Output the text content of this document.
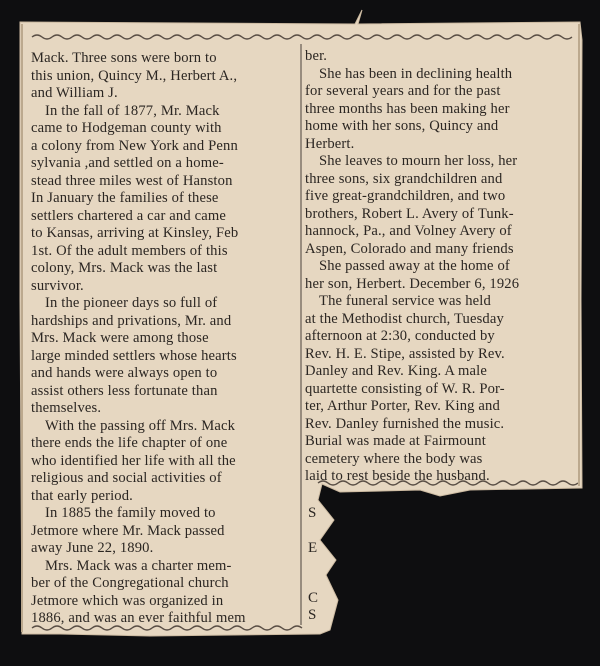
Mack. Three sons were born to
this union, Quincy M., Herbert A.,
and William J.
In the fall of 1877, Mr. Mack
came to Hodgeman county with
a colony from New York and Penn
sylvania ,and settled on a home-
stead three miles west of Hanston
In January the families of these
settlers chartered a car and came
to Kansas, arriving at Kinsley, Feb
1st. Of the adult members of this
colony, Mrs. Mack was the last
survivor.
In the pioneer days so full of
hardships and privations, Mr. and
Mrs. Mack were among those
large minded settlers whose hearts
and hands were always open to
assist others less fortunate than
themselves.
With the passing off Mrs. Mack
there ends the life chapter of one
who identified her life with all the
religious and social activities of
that early period.
In 1885 the family moved to
Jetmore where Mr. Mack passed
away June 22, 1890.
Mrs. Mack was a charter mem-
ber of the Congregational church
Jetmore which was organized in
1886, and was an ever faithful mem
ber.
She has been in declining health
for several years and for the past
three months has been making her
home with her sons, Quincy and
Herbert.
She leaves to mourn her loss, her
three sons, six grandchildren and
five great-grandchildren, and two
brothers, Robert L. Avery of Tunk-
hannock, Pa., and Volney Avery of
Aspen, Colorado and many friends
She passed away at the home of
her son, Herbert. December 6, 1926
The funeral service was held
at the Methodist church, Tuesday
afternoon at 2:30, conducted by
Rev. H. E. Stipe, assisted by Rev.
Danley and Rev. King. A male
quartette consisting of W. R. Por-
ter, Arthur Porter, Rev. King and
Rev. Danley furnished the music.
Burial was made at Fairmount
cemetery where the body was
laid to rest beside the husband.
S
E
C
S
